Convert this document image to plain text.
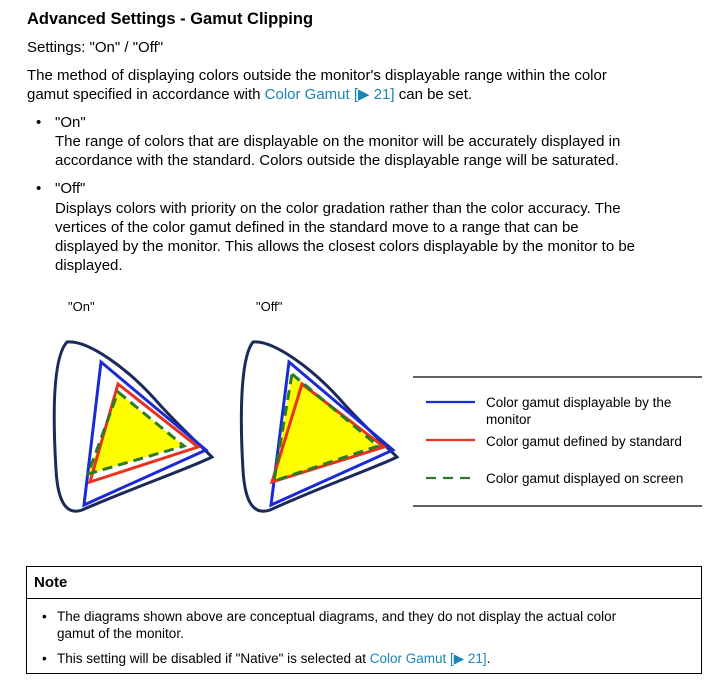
Advanced Settings - Gamut Clipping
Settings: "On" / "Off"
The method of displaying colors outside the monitor's displayable range within the color
gamut specified in accordance with Color Gamut [▶ 21] can be set.
• "On"
The range of colors that are displayable on the monitor will be accurately displayed in
accordance with the standard. Colors outside the displayable range will be saturated.
• "Off"
Displays colors with priority on the color gradation rather than the color accuracy. The
vertices of the color gamut defined in the standard move to a range that can be
displayed by the monitor. This allows the closest colors displayable by the monitor to be
displayed.
"On"	"Off"
Color gamut displayable by the
monitor
Color gamut defined by standard
Color gamut displayed on screen
Note
• The diagrams shown above are conceptual diagrams, and they do not display the actual color
gamut of the monitor.
• This setting will be disabled if "Native" is selected at Color Gamut [▶ 21].
